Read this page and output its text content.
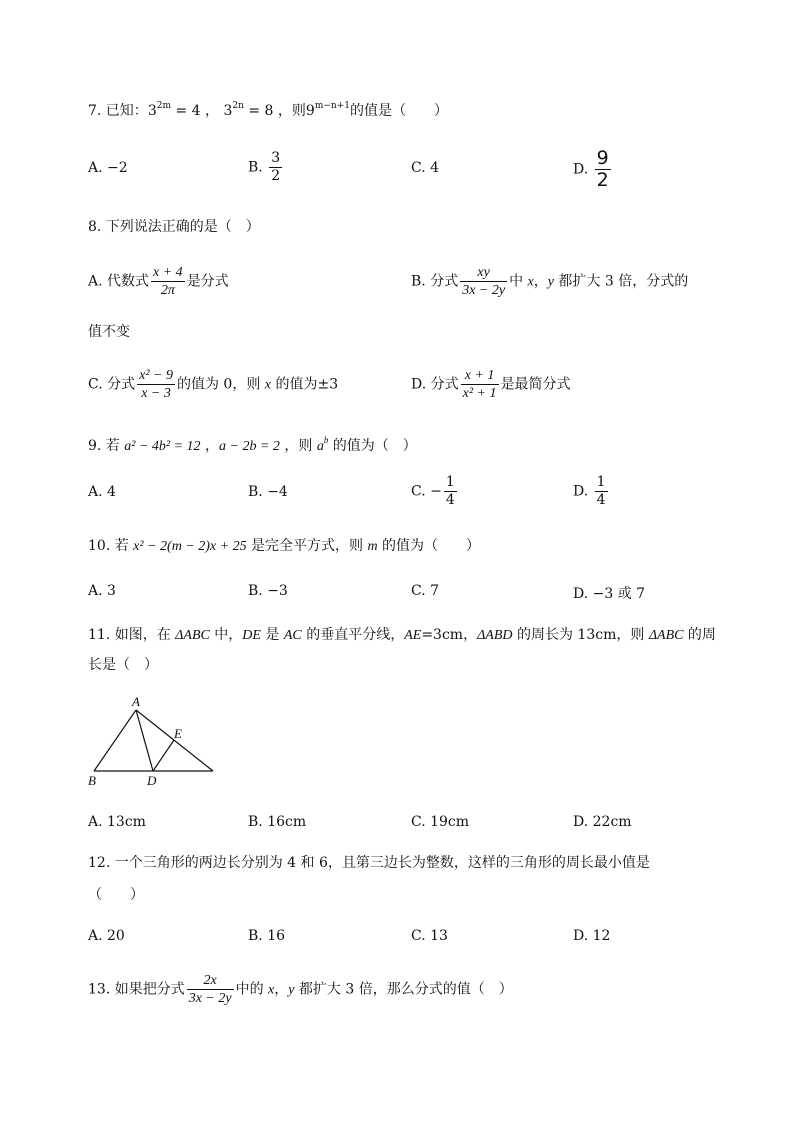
7. 已知：$3^{2m} = 4$ ， $3^{2n} = 8$ ，则$9^{m-n+1}$的值是（ ）
A. −2	B. $\frac{3}{2}$	C. 4	D. $\frac{9}{2}$
8. 下列说法正确的是（　）
A. 代数式 $\frac{x + 4}{2\pi}$ 是分式	B. 分式 $\frac{xy}{3x - 2y}$ 中 x，y 都扩大 3 倍，分式的
值不变
C. 分式 $\frac{\text{x² − 9}}{x - 3}$ 的值为 0，则 x 的值为±3	D. 分式 $\frac{x + 1}{\text{x² + 1}}$ 是最简分式
9. 若 a² − 4b² = 12 ，a − 2b = 2 ，则 $a^b$ 的值为（　）
A. 4	B. −4	C. − $\frac{1}{4}$	D. $\frac{1}{4}$
10. 若 x² − 2(m − 2)x + 25 是完全平方式，则 m 的值为（　　）
A. 3	B. −3	C. 7	D. −3 或 7
11. 如图，在 ΔABC 中，DE 是 AC 的垂直平分线，AE=3cm，ΔABD 的周长为 13cm，则 ΔABC 的周
长是（　）
A
B	D
E
A. 13cm	B. 16cm	C. 19cm	D. 22cm
12. 一个三角形的两边长分别为 4 和 6，且第三边长为整数，这样的三角形的周长最小值是
（　　）
A. 20	B. 16	C. 13	D. 12
13. 如果把分式 $\frac{2x}{3x - 2y}$ 中的 x，y 都扩大 3 倍，那么分式的值（　）
